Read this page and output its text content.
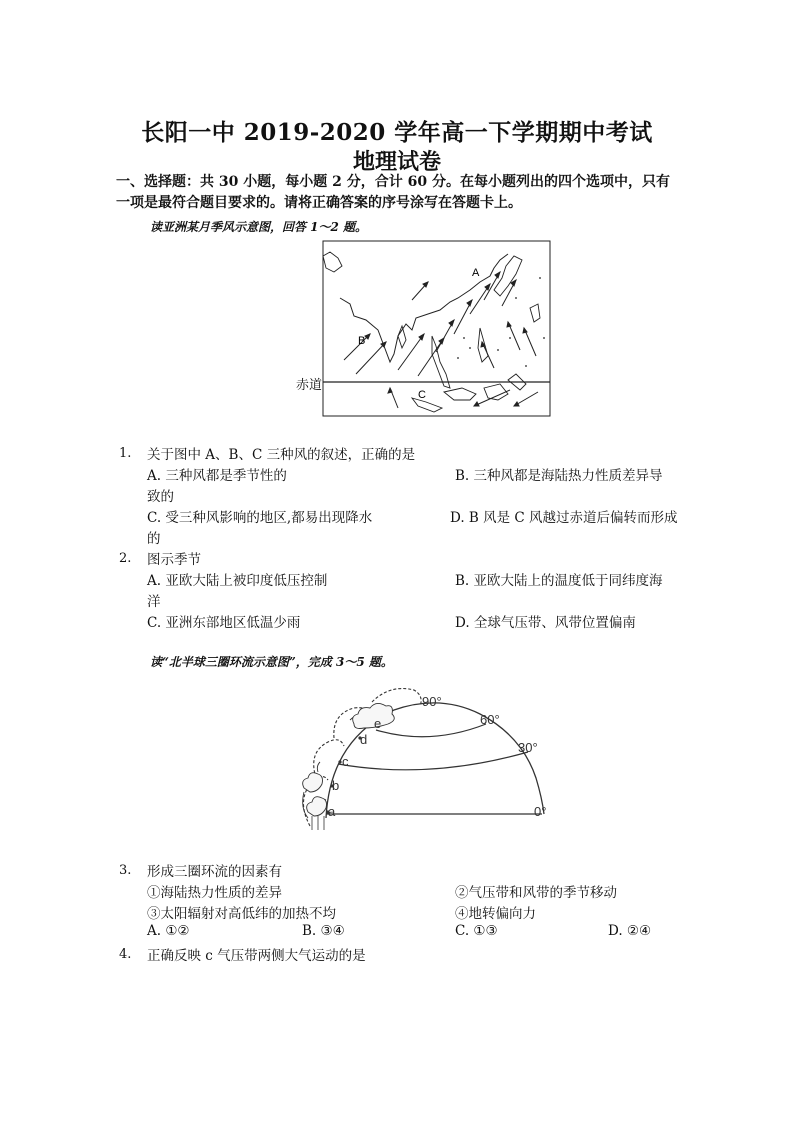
长阳一中 2019-2020 学年高一下学期期中考试
地理试卷
一、选择题：共 30 小题，每小题 2 分，合计 60 分。在每小题列出的四个选项中，只有一项是最符合题目要求的。请将正确答案的序号涂写在答题卡上。
读亚洲某月季风示意图，回答 1～2 题。
A
B
C
赤道
1. 关于图中 A、B、C 三种风的叙述，正确的是
A. 三种风都是季节性的	B. 三种风都是海陆热力性质差异导
致的
C. 受三种风影响的地区,都易出现降水	D. B 风是 C 风越过赤道后偏转而形成
的
2. 图示季节
A. 亚欧大陆上被印度低压控制	B. 亚欧大陆上的温度低于同纬度海
洋
C. 亚洲东部地区低温少雨	D. 全球气压带、风带位置偏南
读“北半球三圈环流示意图”，完成 3～5 题。
90°
60°
30°
0°
e
d
c
b
a
3. 形成三圈环流的因素有
①海陆热力性质的差异	②气压带和风带的季节移动
③太阳辐射对高低纬的加热不均	④地转偏向力
A. ①②	B. ③④	C. ①③	D. ②④
4. 正确反映 c 气压带两侧大气运动的是
